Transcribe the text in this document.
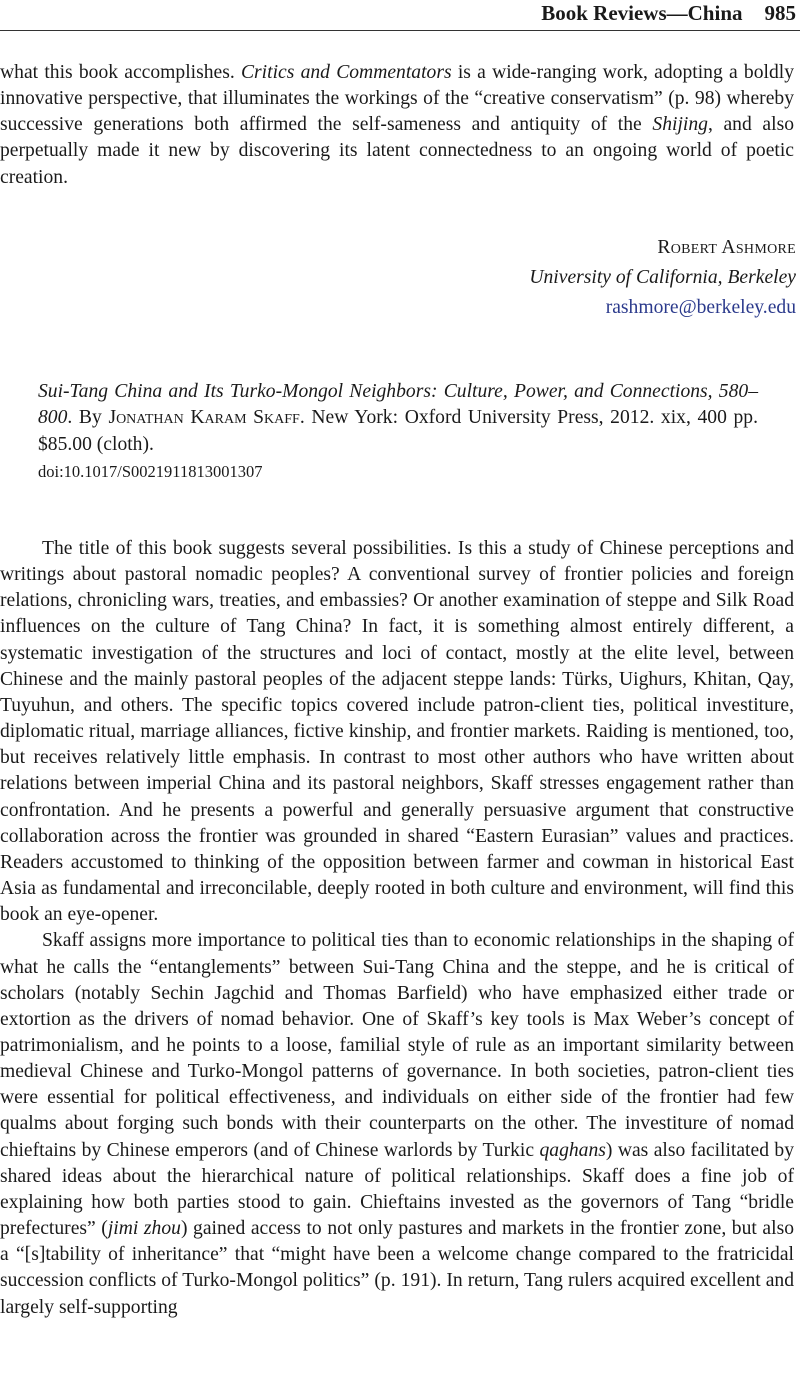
Book Reviews—China 985

what this book accomplishes. Critics and Commentators is a wide-ranging work, adopting a boldly innovative perspective, that illuminates the workings of the “creative conservatism” (p. 98) whereby successive generations both affirmed the self-sameness and antiquity of the Shijing, and also perpetually made it new by discovering its latent connectedness to an ongoing world of poetic creation.

Robert Ashmore
University of California, Berkeley
rashmore@berkeley.edu
Sui-Tang China and Its Turko-Mongol Neighbors: Culture, Power, and Connections, 580–800. By Jonathan Karam Skaff. New York: Oxford University Press, 2012. xix, 400 pp. $85.00 (cloth).
doi:10.1017/S0021911813001307

The title of this book suggests several possibilities. Is this a study of Chinese perceptions and writings about pastoral nomadic peoples? A conventional survey of frontier policies and foreign relations, chronicling wars, treaties, and embassies? Or another examination of steppe and Silk Road influences on the culture of Tang China? In fact, it is something almost entirely different, a systematic investigation of the structures and loci of contact, mostly at the elite level, between Chinese and the mainly pastoral peoples of the adjacent steppe lands: Türks, Uighurs, Khitan, Qay, Tuyuhun, and others. The specific topics covered include patron-client ties, political investiture, diplomatic ritual, marriage alliances, fictive kinship, and frontier markets. Raiding is mentioned, too, but receives relatively little emphasis. In contrast to most other authors who have written about relations between imperial China and its pastoral neighbors, Skaff stresses engagement rather than confrontation. And he presents a powerful and generally persuasive argument that constructive collaboration across the frontier was grounded in shared “Eastern Eurasian” values and practices. Readers accustomed to thinking of the opposition between farmer and cowman in historical East Asia as fundamental and irreconcilable, deeply rooted in both culture and environment, will find this book an eye-opener.

Skaff assigns more importance to political ties than to economic relationships in the shaping of what he calls the “entanglements” between Sui-Tang China and the steppe, and he is critical of scholars (notably Sechin Jagchid and Thomas Barfield) who have emphasized either trade or extortion as the drivers of nomad behavior. One of Skaff’s key tools is Max Weber’s concept of patrimonialism, and he points to a loose, familial style of rule as an important similarity between medieval Chinese and Turko-Mongol patterns of governance. In both societies, patron-client ties were essential for political effectiveness, and individuals on either side of the frontier had few qualms about forging such bonds with their counterparts on the other. The investiture of nomad chieftains by Chinese emperors (and of Chinese warlords by Turkic qaghans) was also facilitated by shared ideas about the hierarchical nature of political relationships. Skaff does a fine job of explaining how both parties stood to gain. Chieftains invested as the governors of Tang “bridle prefectures” (jimi zhou) gained access to not only pastures and markets in the frontier zone, but also a “[s]tability of inheritance” that “might have been a welcome change compared to the fratricidal succession conflicts of Turko-Mongol politics” (p. 191). In return, Tang rulers acquired excellent and largely self-supporting
